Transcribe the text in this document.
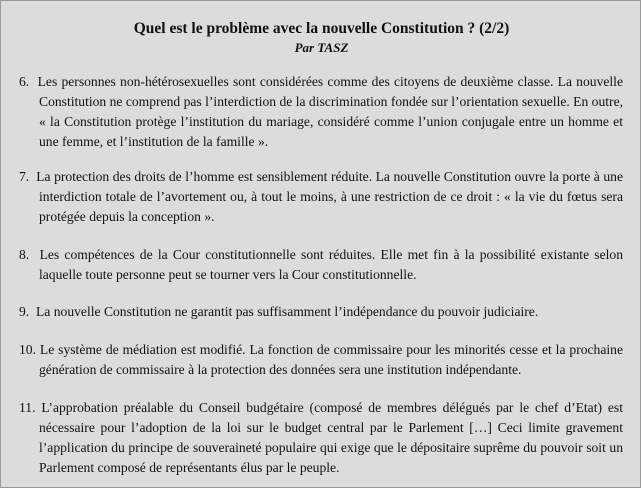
Quel est le problème avec la nouvelle Constitution ? (2/2)
Par TASZ

6. Les personnes non-hétérosexuelles sont considérées comme des citoyens de deuxième classe. La nouvelle Constitution ne comprend pas l’interdiction de la discrimination fondée sur l’orientation sexuelle. En outre, « la Constitution protège l’institution du mariage, considéré comme l’union conjugale entre un homme et une femme, et l’institution de la famille ».

7. La protection des droits de l’homme est sensiblement réduite. La nouvelle Constitution ouvre la porte à une interdiction totale de l’avortement ou, à tout le moins, à une restriction de ce droit : « la vie du fœtus sera protégée depuis la conception ».

8. Les compétences de la Cour constitutionnelle sont réduites. Elle met fin à la possibilité existante selon laquelle toute personne peut se tourner vers la Cour constitutionnelle.

9. La nouvelle Constitution ne garantit pas suffisamment l’indépendance du pouvoir judiciaire.

10. Le système de médiation est modifié. La fonction de commissaire pour les minorités cesse et la prochaine génération de commissaire à la protection des données sera une institution indépendante.

11. L’approbation préalable du Conseil budgétaire (composé de membres délégués par le chef d’Etat) est nécessaire pour l’adoption de la loi sur le budget central par le Parlement […] Ceci limite gravement l’application du principe de souveraineté populaire qui exige que le dépositaire suprême du pouvoir soit un Parlement composé de représentants élus par le peuple.
